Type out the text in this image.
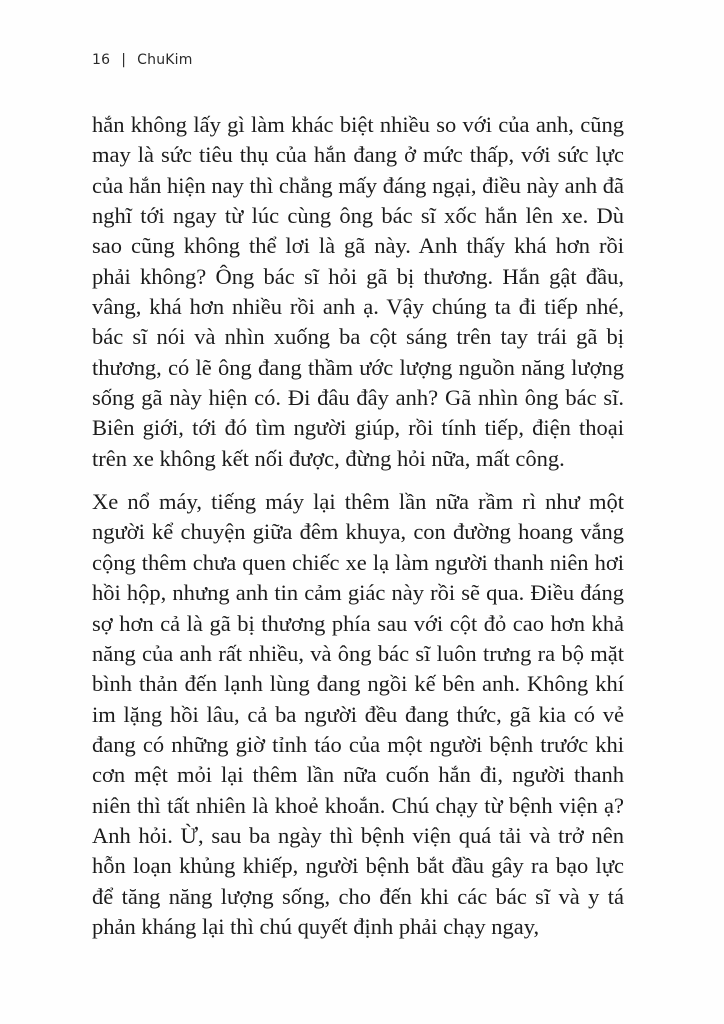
16 | ChuKim

hắn không lấy gì làm khác biệt nhiều so với của anh, cũng may là sức tiêu thụ của hắn đang ở mức thấp, với sức lực của hắn hiện nay thì chẳng mấy đáng ngại, điều này anh đã nghĩ tới ngay từ lúc cùng ông bác sĩ xốc hắn lên xe. Dù sao cũng không thể lơi là gã này. Anh thấy khá hơn rồi phải không? Ông bác sĩ hỏi gã bị thương. Hắn gật đầu, vâng, khá hơn nhiều rồi anh ạ. Vậy chúng ta đi tiếp nhé, bác sĩ nói và nhìn xuống ba cột sáng trên tay trái gã bị thương, có lẽ ông đang thầm ước lượng nguồn năng lượng sống gã này hiện có. Đi đâu đây anh? Gã nhìn ông bác sĩ. Biên giới, tới đó tìm người giúp, rồi tính tiếp, điện thoại trên xe không kết nối được, đừng hỏi nữa, mất công.

Xe nổ máy, tiếng máy lại thêm lần nữa rầm rì như một người kể chuyện giữa đêm khuya, con đường hoang vắng cộng thêm chưa quen chiếc xe lạ làm người thanh niên hơi hồi hộp, nhưng anh tin cảm giác này rồi sẽ qua. Điều đáng sợ hơn cả là gã bị thương phía sau với cột đỏ cao hơn khả năng của anh rất nhiều, và ông bác sĩ luôn trưng ra bộ mặt bình thản đến lạnh lùng đang ngồi kế bên anh. Không khí im lặng hồi lâu, cả ba người đều đang thức, gã kia có vẻ đang có những giờ tỉnh táo của một người bệnh trước khi cơn mệt mỏi lại thêm lần nữa cuốn hắn đi, người thanh niên thì tất nhiên là khoẻ khoắn. Chú chạy từ bệnh viện ạ? Anh hỏi. Ừ, sau ba ngày thì bệnh viện quá tải và trở nên hỗn loạn khủng khiếp, người bệnh bắt đầu gây ra bạo lực để tăng năng lượng sống, cho đến khi các bác sĩ và y tá phản kháng lại thì chú quyết định phải chạy ngay,
